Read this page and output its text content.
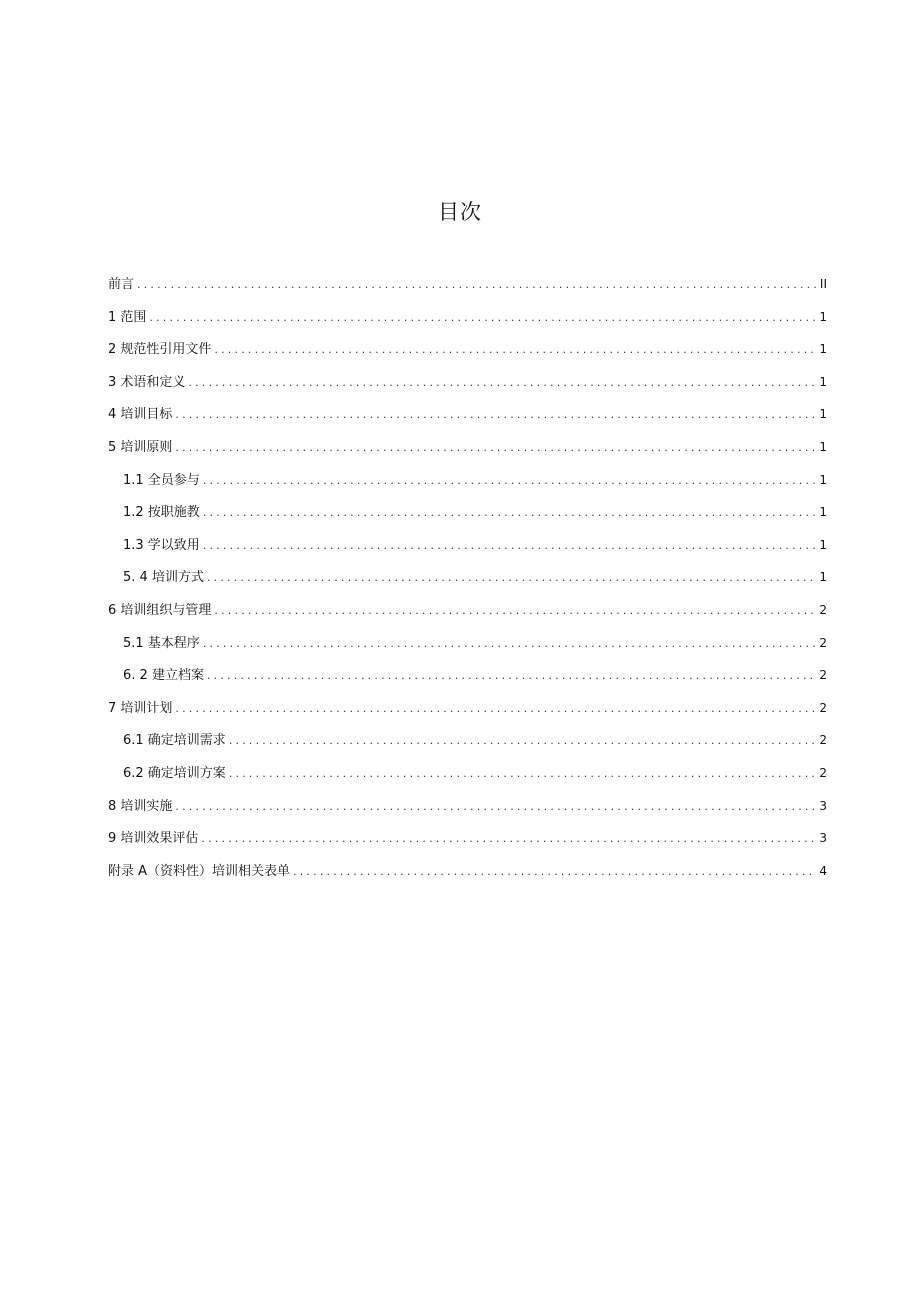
目次
前言 .....	II
1 范围 .....	1
2 规范性引用文件 .....	1
3 术语和定义 .....	1
4 培训目标 .....	1
5 培训原则 .....	1
1.1 全员参与 .....	1
1.2 按职施教 .....	1
1.3 学以致用 .....	1
5. 4 培训方式 .....	1
6 培训组织与管理 .....	2
5.1 基本程序 .....	2
6. 2 建立档案 .....	2
7 培训计划 .....	2
6.1 确定培训需求 .....	2
6.2 确定培训方案 .....	2
8 培训实施 .....	3
9 培训效果评估 .....	3
附录 A（资料性）培训相关表单 .....	4
